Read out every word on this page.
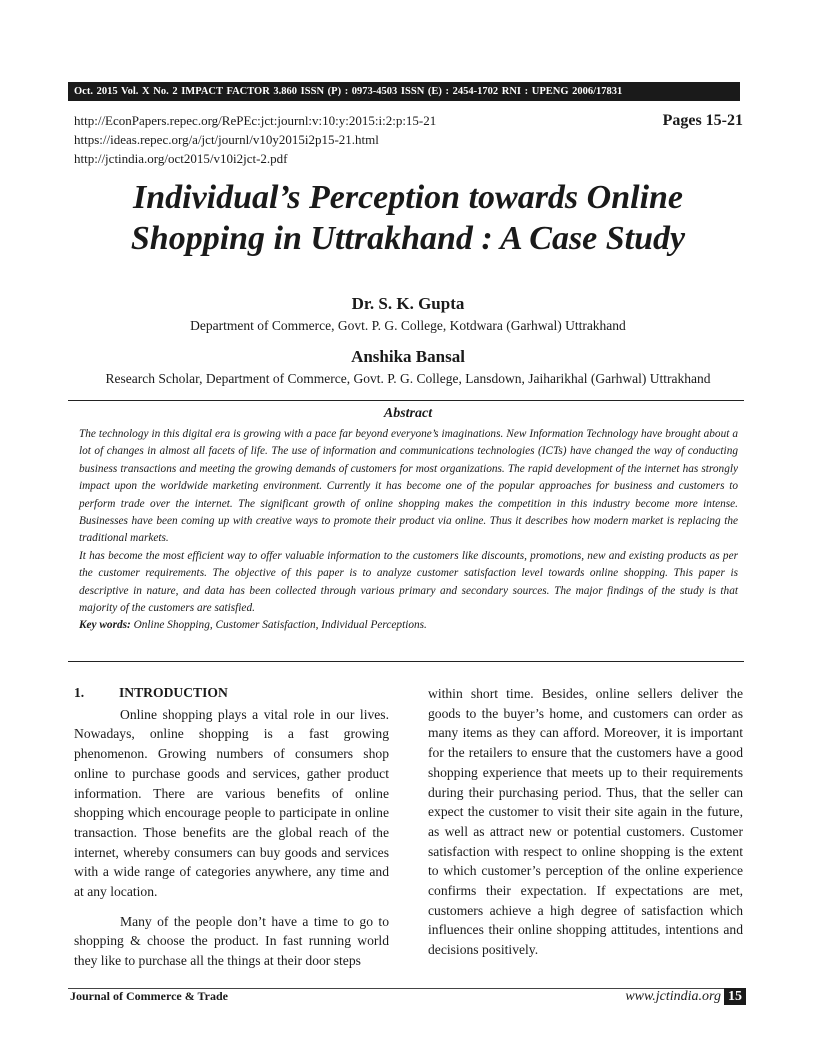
Oct. 2015 Vol. X No. 2 IMPACT FACTOR 3.860 ISSN (P) : 0973-4503 ISSN (E) : 2454-1702 RNI : UPENG 2006/17831
http://EconPapers.repec.org/RePEc:jct:journl:v:10:y:2015:i:2:p:15-21
https://ideas.repec.org/a/jct/journl/v10y2015i2p15-21.html
http://jctindia.org/oct2015/v10i2jct-2.pdf
Pages 15-21
Individual’s Perception towards Online
Shopping in Uttrakhand : A Case Study
Dr. S. K. Gupta
Department of Commerce, Govt. P. G. College, Kotdwara (Garhwal) Uttrakhand
Anshika Bansal
Research Scholar, Department of Commerce, Govt. P. G. College, Lansdown, Jaiharikhal (Garhwal) Uttrakhand
Abstract

The technology in this digital era is growing with a pace far beyond everyone’s imaginations. New Information Technology have brought about a lot of changes in almost all facets of life. The use of information and communications technologies (ICTs) have changed the way of conducting business transactions and meeting the growing demands of customers for most organizations. The rapid development of the internet has strongly impact upon the worldwide marketing environment. Currently it has become one of the popular approaches for business and customers to perform trade over the internet. The significant growth of online shopping makes the competition in this industry become more intense. Businesses have been coming up with creative ways to promote their product via online. Thus it describes how modern market is replacing the traditional markets.

It has become the most efficient way to offer valuable information to the customers like discounts, promotions, new and existing products as per the customer requirements. The objective of this paper is to analyze customer satisfaction level towards online shopping. This paper is descriptive in nature, and data has been collected through various primary and secondary sources. The major findings of the study is that majority of the customers are satisfied.

Key words: Online Shopping, Customer Satisfaction, Individual Perceptions.

1.	INTRODUCTION

Online shopping plays a vital role in our lives. Nowadays, online shopping is a fast growing phenomenon. Growing numbers of consumers shop online to purchase goods and services, gather product information. There are various benefits of online shopping which encourage people to participate in online transaction. Those benefits are the global reach of the internet, whereby consumers can buy goods and services with a wide range of categories anywhere, any time and at any location.

Many of the people don’t have a time to go to shopping & choose the product. In fast running world they like to purchase all the things at their door steps

within short time. Besides, online sellers deliver the goods to the buyer’s home, and customers can order as many items as they can afford. Moreover, it is important for the retailers to ensure that the customers have a good shopping experience that meets up to their requirements during their purchasing period. Thus, that the seller can expect the customer to visit their site again in the future, as well as attract new or potential customers. Customer satisfaction with respect to online shopping is the extent to which customer’s perception of the online experience confirms their expectation. If expectations are met, customers achieve a high degree of satisfaction which influences their online shopping attitudes, intentions and decisions positively.

Journal of Commerce & Trade	www.jctindia.org 15
